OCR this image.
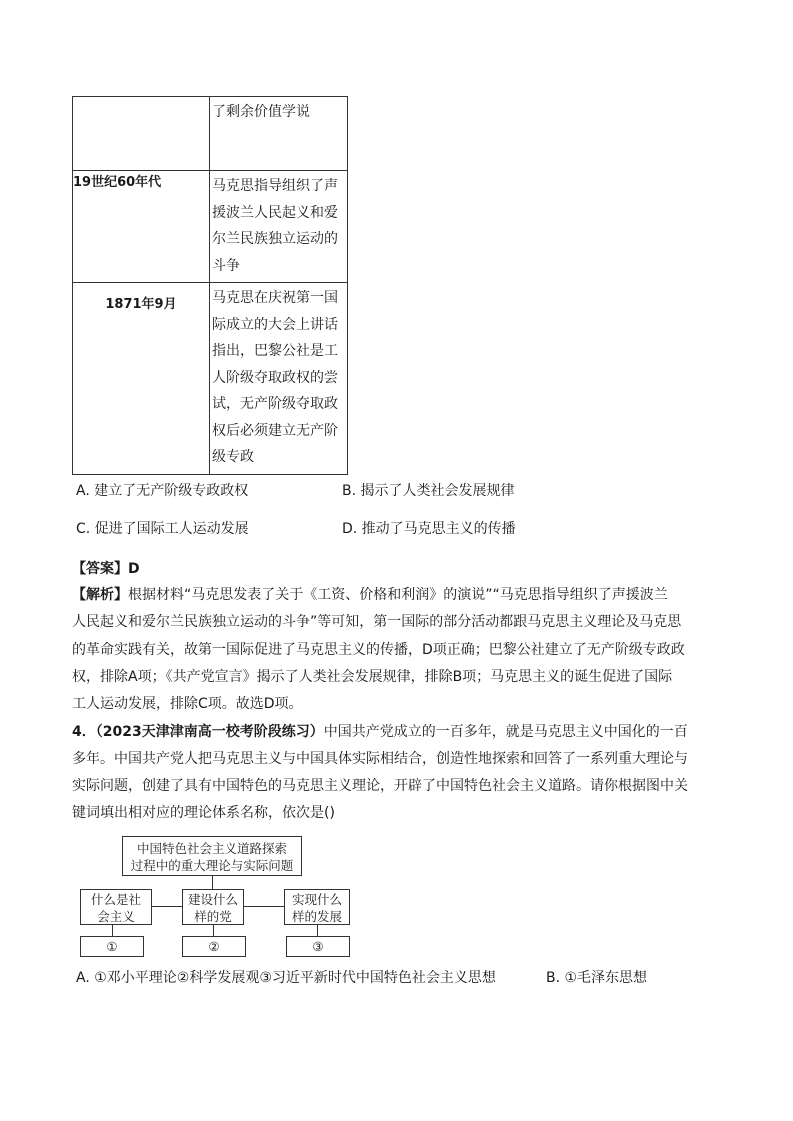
	了剩余价值学说

19世纪60年代	马克思指导组织了声援波兰人民起义和爱尔兰民族独立运动的斗争

1871年9月	马克思在庆祝第一国际成立的大会上讲话指出，巴黎公社是工人阶级夺取政权的尝试，无产阶级夺取政权后必须建立无产阶级专政
A. 建立了无产阶级专政政权	B. 揭示了人类社会发展规律
C. 促进了国际工人运动发展	D. 推动了马克思主义的传播
【答案】D
【解析】根据材料“马克思发表了关于《工资、价格和利润》的演说”“马克思指导组织了声援波兰
人民起义和爱尔兰民族独立运动的斗争”等可知，第一国际的部分活动都跟马克思主义理论及马克思
的革命实践有关，故第一国际促进了马克思主义的传播，D项正确；巴黎公社建立了无产阶级专政政
权，排除A项；《共产党宣言》揭示了人类社会发展规律，排除B项；马克思主义的诞生促进了国际
工人运动发展，排除C项。故选D项。
4．（2023天津津南高一校考阶段练习）中国共产党成立的一百多年，就是马克思主义中国化的一百
多年。中国共产党人把马克思主义与中国具体实际相结合，创造性地探索和回答了一系列重大理论与
实际问题，创建了具有中国特色的马克思主义理论，开辟了中国特色社会主义道路。请你根据图中关
键词填出相对应的理论体系名称，依次是()
中国特色社会主义道路探索
过程中的重大理论与实际问题
什么是社
会主义
建设什么
样的党
实现什么
样的发展
①	②	③
A. ①邓小平理论②科学发展观③习近平新时代中国特色社会主义思想	B. ①毛泽东思想
